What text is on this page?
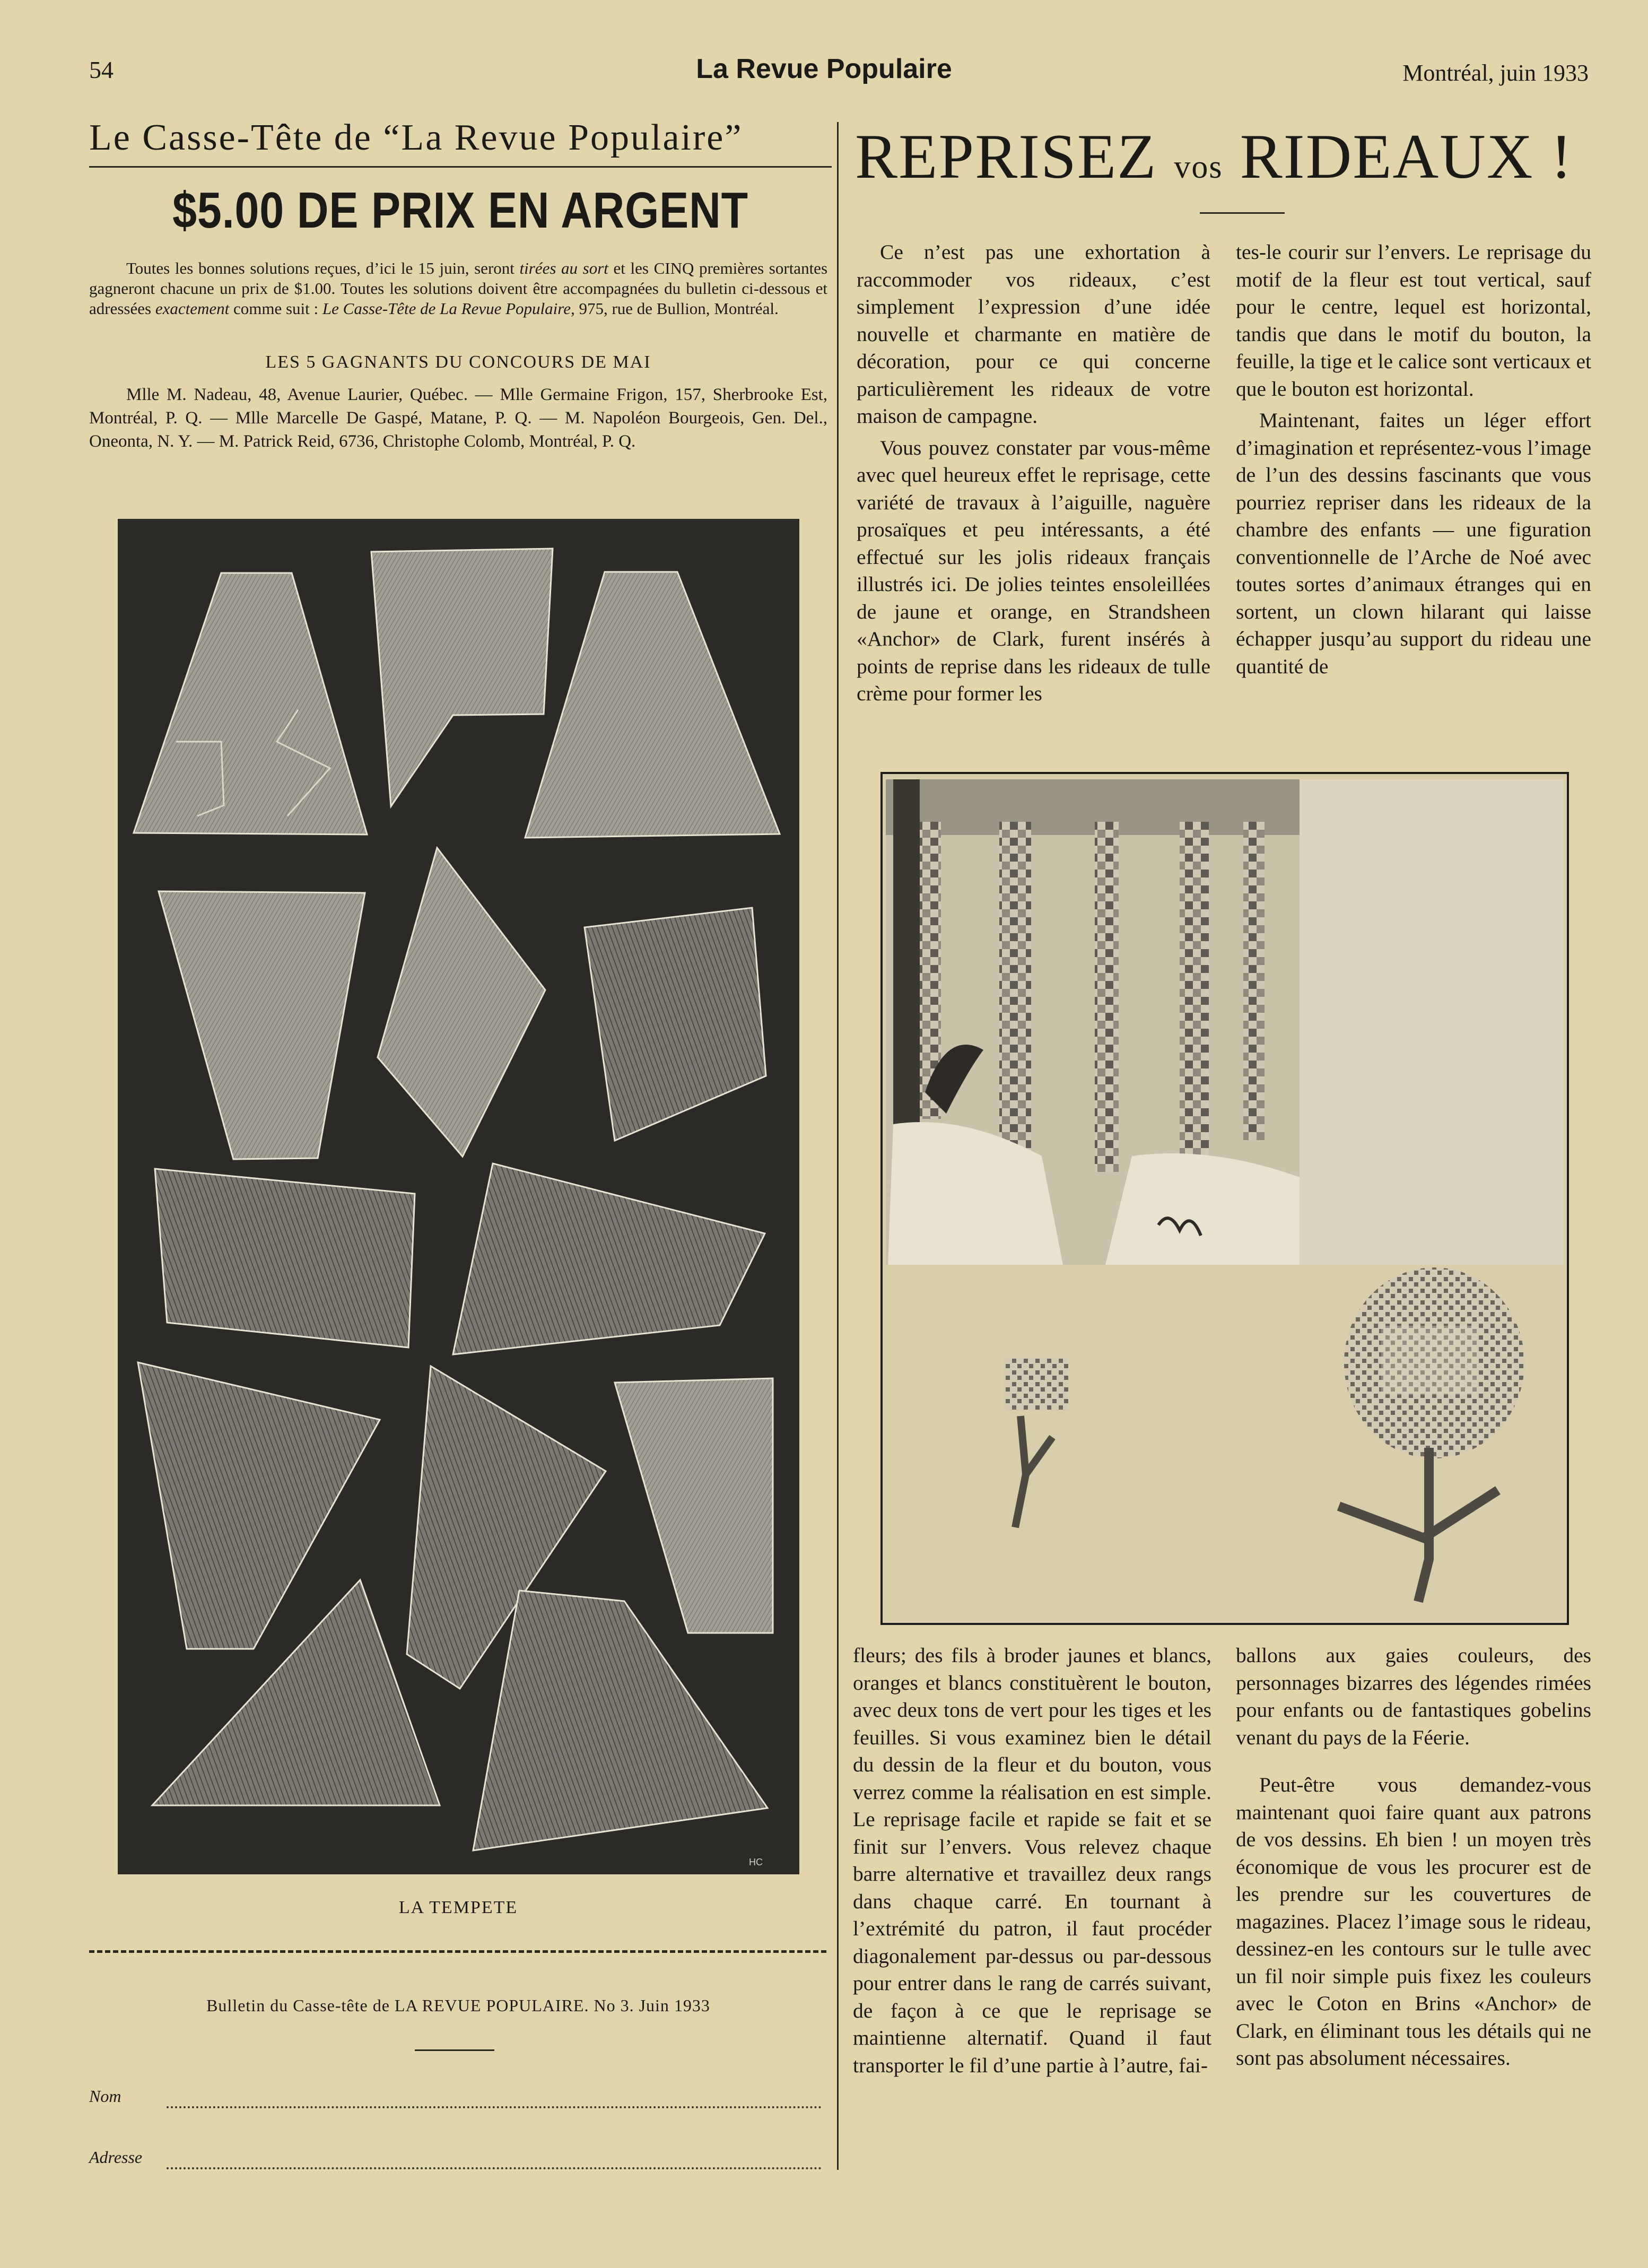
54	La Revue Populaire	Montréal, juin 1933
Le Casse-Tête de “La Revue Populaire”
$5.00 DE PRIX EN ARGENT
Toutes les bonnes solutions reçues, d’ici le 15 juin, seront tirées au sort et les CINQ premières sortantes gagneront chacune un prix de $1.00. Toutes les solutions doivent être accompagnées du bulletin ci-dessous et adressées exactement comme suit : Le Casse-Tête de La Revue Populaire, 975, rue de Bullion, Montréal.
LES 5 GAGNANTS DU CONCOURS DE MAI
Mlle M. Nadeau, 48, Avenue Laurier, Québec. — Mlle Germaine Frigon, 157, Sherbrooke Est, Montréal, P. Q. — Mlle Marcelle De Gaspé, Matane, P. Q. — M. Napoléon Bourgeois, Gen. Del., Oneonta, N. Y. — M. Patrick Reid, 6736, Christophe Colomb, Montréal, P. Q.
HC
LA TEMPETE
Bulletin du Casse-tête de LA REVUE POPULAIRE. No 3. Juin 1933
Nom
Adresse
REPRISEZ vos RIDEAUX !

Ce n’est pas une exhortation à raccommoder vos rideaux, c’est simplement l’expression d’une idée nouvelle et charmante en matière de décoration, pour ce qui concerne particulièrement les rideaux de votre maison de campagne.

Vous pouvez constater par vous-même avec quel heureux effet le reprisage, cette variété de travaux à l’aiguille, naguère prosaïques et peu intéressants, a été effectué sur les jolis rideaux français illustrés ici. De jolies teintes ensoleillées de jaune et orange, en Strandsheen «Anchor» de Clark, furent insérés à points de reprise dans les rideaux de tulle crème pour former les

tes-le courir sur l’envers. Le reprisage du motif de la fleur est tout vertical, sauf pour le centre, lequel est horizontal, tandis que dans le motif du bouton, la feuille, la tige et le calice sont verticaux et que le bouton est horizontal.

Maintenant, faites un léger effort d’imagination et représentez-vous l’image de l’un des dessins fascinants que vous pourriez repriser dans les rideaux de la chambre des enfants — une figuration conventionnelle de l’Arche de Noé avec toutes sortes d’animaux étranges qui en sortent, un clown hilarant qui laisse échapper jusqu’au support du rideau une quantité de

fleurs; des fils à broder jaunes et blancs, oranges et blancs constituèrent le bouton, avec deux tons de vert pour les tiges et les feuilles. Si vous examinez bien le détail du dessin de la fleur et du bouton, vous verrez comme la réalisation en est simple. Le reprisage facile et rapide se fait et se finit sur l’envers. Vous relevez chaque barre alternative et travaillez deux rangs dans chaque carré. En tournant à l’extrémité du patron, il faut procéder diagonalement par-dessus ou par-dessous pour entrer dans le rang de carrés suivant, de façon à ce que le reprisage se maintienne alternatif. Quand il faut transporter le fil d’une partie à l’autre, fai-

ballons aux gaies couleurs, des personnages bizarres des légendes rimées pour enfants ou de fantastiques gobelins venant du pays de la Féerie.

Peut-être vous demandez-vous maintenant quoi faire quant aux patrons de vos dessins. Eh bien ! un moyen très économique de vous les procurer est de les prendre sur les couvertures de magazines. Placez l’image sous le rideau, dessinez-en les contours sur le tulle avec un fil noir simple puis fixez les couleurs avec le Coton en Brins «Anchor» de Clark, en éliminant tous les détails qui ne sont pas absolument nécessaires.
